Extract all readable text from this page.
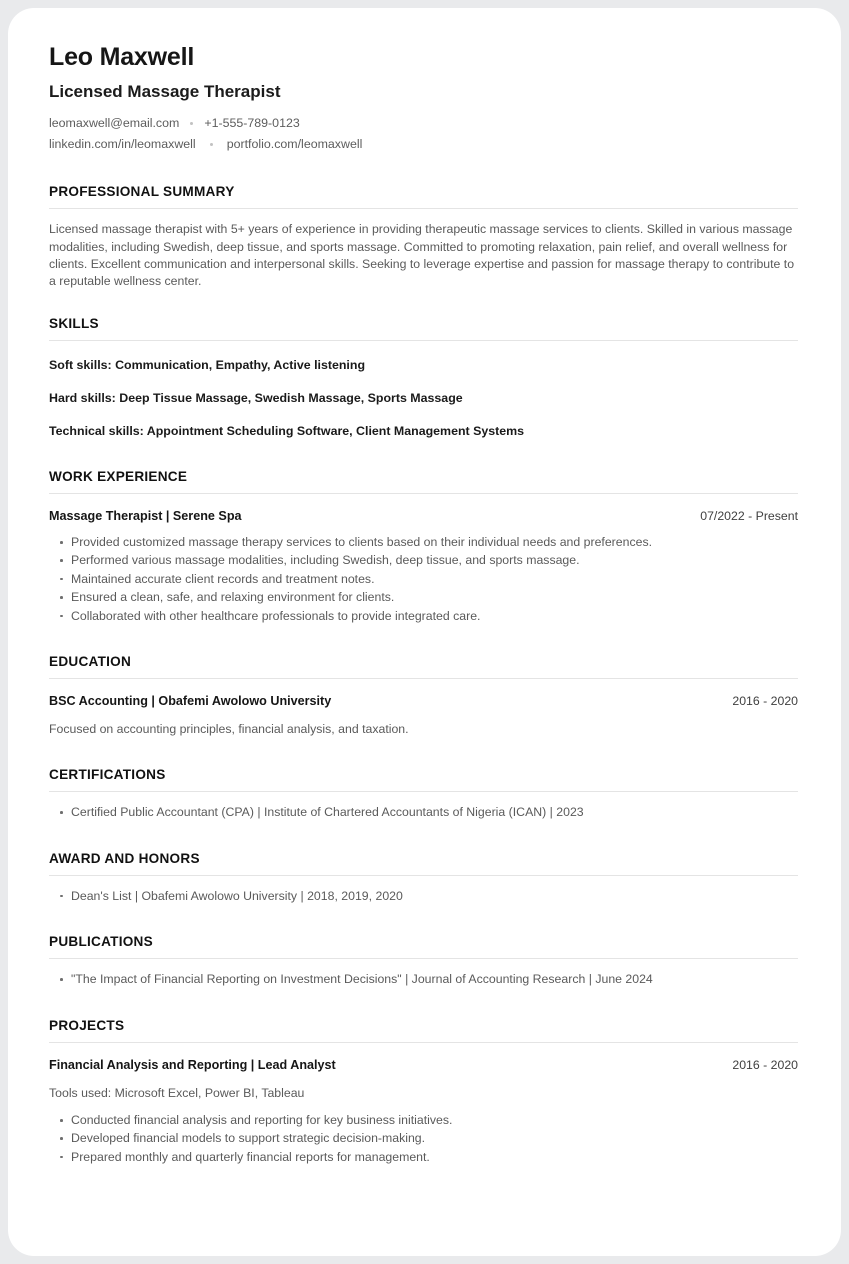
Leo Maxwell
Licensed Massage Therapist
leomaxwell@email.com +1-555-789-0123
linkedin.com/in/leomaxwell	portfolio.com/leomaxwell
PROFESSIONAL SUMMARY

Licensed massage therapist with 5+ years of experience in providing therapeutic massage services to clients. Skilled in various massage modalities, including Swedish, deep tissue, and sports massage. Committed to promoting relaxation, pain relief, and overall wellness for clients. Excellent communication and interpersonal skills. Seeking to leverage expertise and passion for massage therapy to contribute to a reputable wellness center.

SKILLS
Soft skills: Communication, Empathy, Active listening
Hard skills: Deep Tissue Massage, Swedish Massage, Sports Massage
Technical skills: Appointment Scheduling Software, Client Management Systems
WORK EXPERIENCE
Massage Therapist | Serene Spa	07/2022 - Present
Provided customized massage therapy services to clients based on their individual needs and preferences.
Performed various massage modalities, including Swedish, deep tissue, and sports massage.
Maintained accurate client records and treatment notes.
Ensured a clean, safe, and relaxing environment for clients.
Collaborated with other healthcare professionals to provide integrated care.
EDUCATION
BSC Accounting | Obafemi Awolowo University	2016 - 2020
Focused on accounting principles, financial analysis, and taxation.
CERTIFICATIONS
Certified Public Accountant (CPA) | Institute of Chartered Accountants of Nigeria (ICAN) | 2023
AWARD AND HONORS
Dean's List | Obafemi Awolowo University | 2018, 2019, 2020
PUBLICATIONS
"The Impact of Financial Reporting on Investment Decisions" | Journal of Accounting Research | June 2024
PROJECTS
Financial Analysis and Reporting | Lead Analyst	2016 - 2020
Tools used: Microsoft Excel, Power BI, Tableau
Conducted financial analysis and reporting for key business initiatives.
Developed financial models to support strategic decision-making.
Prepared monthly and quarterly financial reports for management.
